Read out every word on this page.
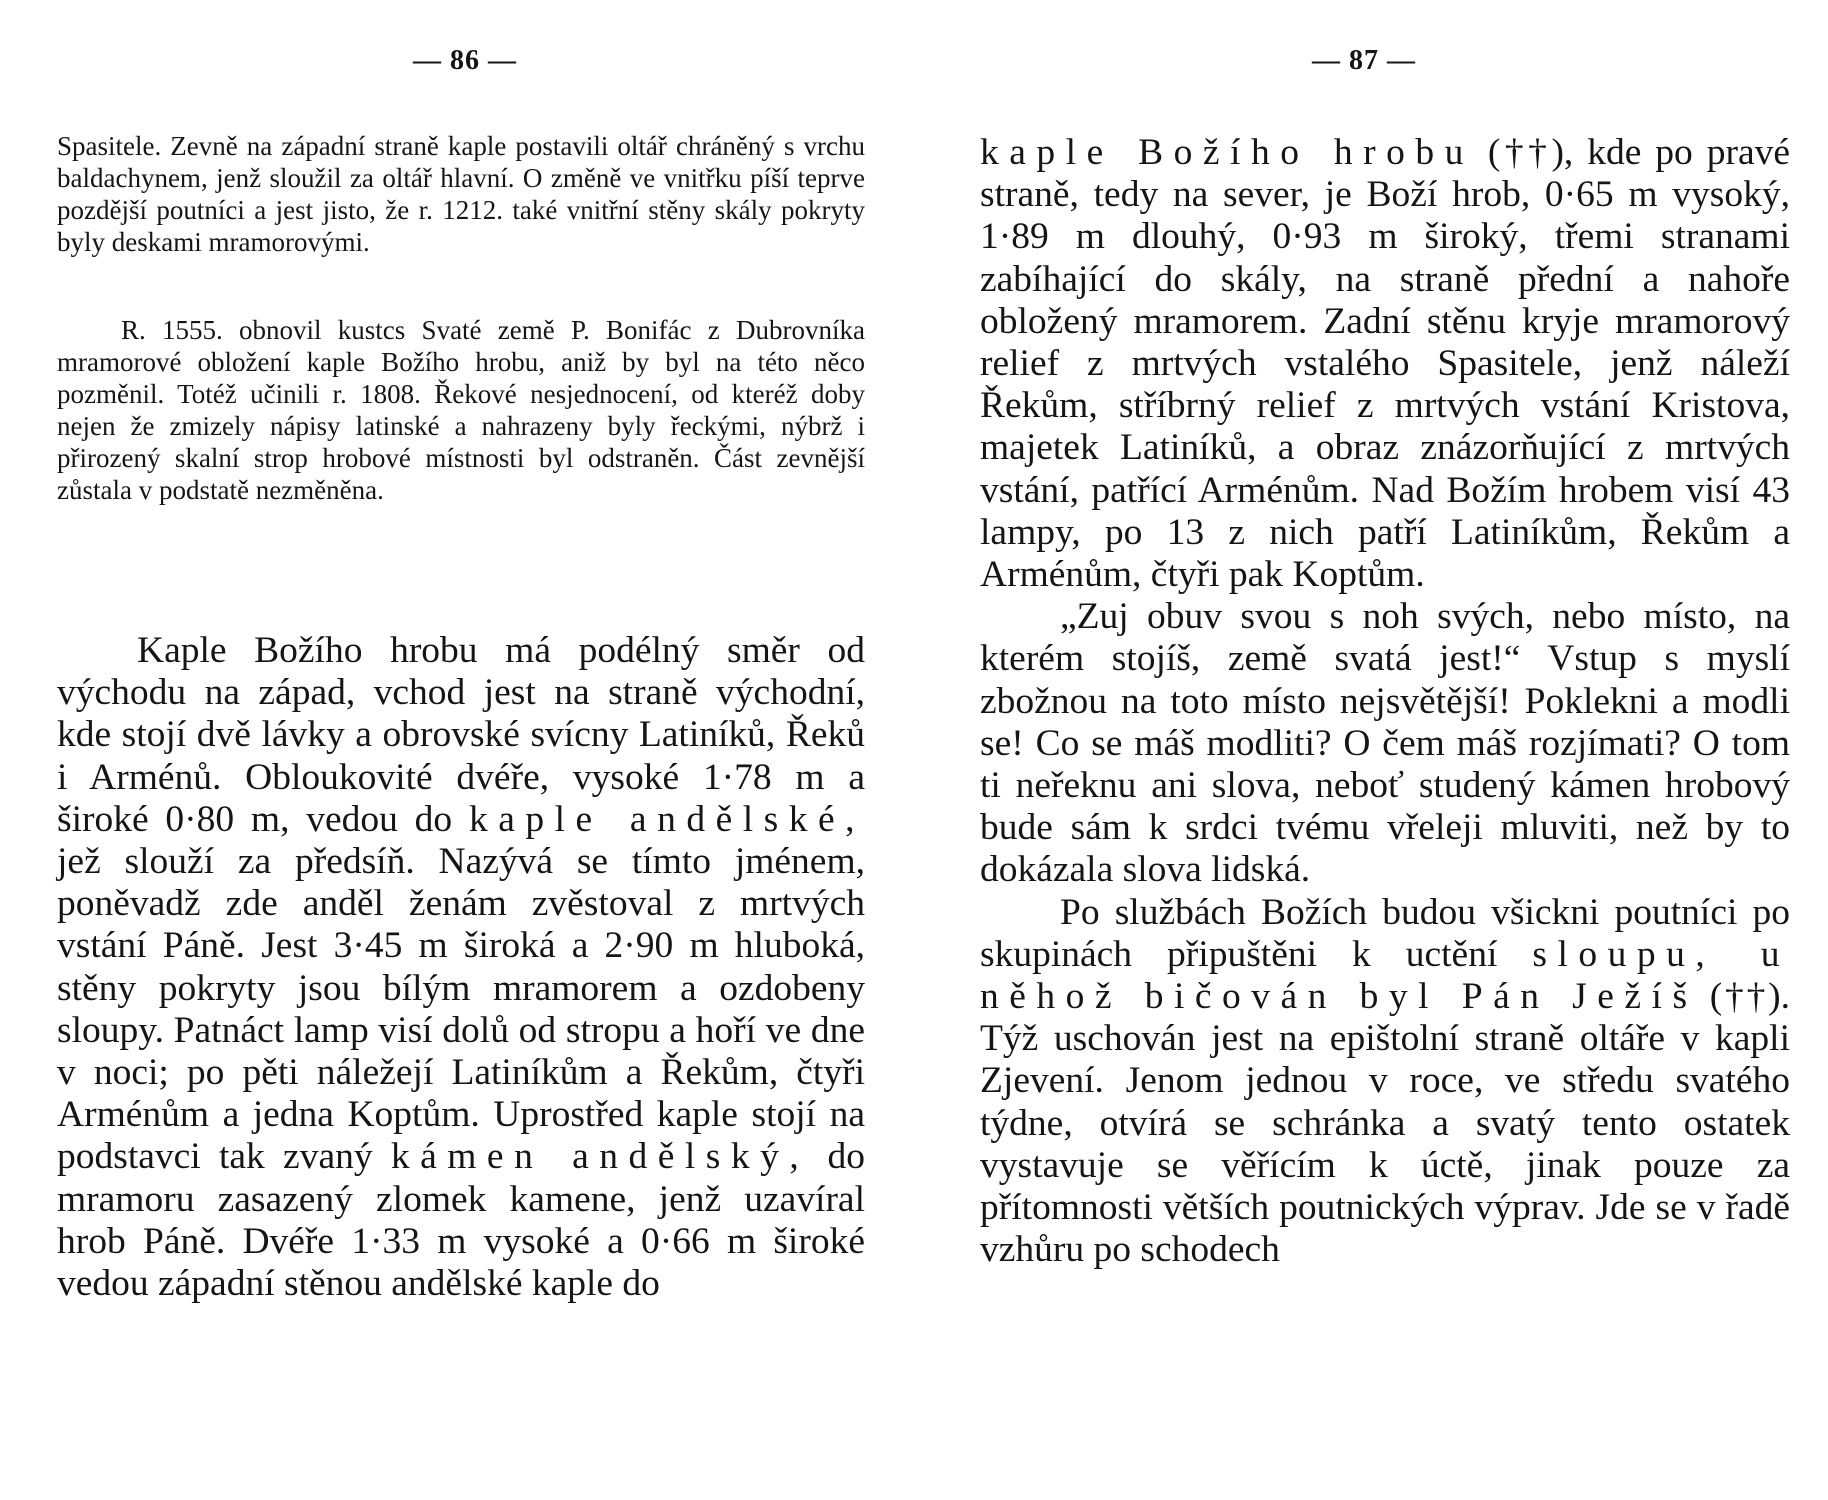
— 86 —

Spasitele. Zevně na západní straně kaple postavili oltář chráněný s vrchu baldachynem, jenž sloužil za oltář hlavní. O změně ve vnitřku píší teprve pozdější poutníci a jest jisto, že r. 1212. také vnitřní stěny skály pokryty byly deskami mramorovými.

R. 1555. obnovil kustcs Svaté země P. Bonifác z Dubrovníka mramorové obložení kaple Božího hrobu, aniž by byl na této něco pozměnil. Totéž učinili r. 1808. Řekové nesjednocení, od kteréž doby nejen že zmizely nápisy latinské a nahrazeny byly řeckými, nýbrž i přirozený skalní strop hrobové místnosti byl odstraněn. Část zevnější zůstala v podstatě nezměněna.

Kaple Božího hrobu má podélný směr od východu na západ, vchod jest na straně východní, kde stojí dvě lávky a obrovské svícny Latiníků, Řeků i Arménů. Obloukovité dvéře, vysoké 1·78 m a široké 0·80 m, vedou do kaple andělské, jež slouží za předsíň. Nazývá se tímto jménem, poněvadž zde anděl ženám zvěstoval z mrtvých vstání Páně. Jest 3·45 m široká a 2·90 m hluboká, stěny pokryty jsou bílým mramorem a ozdobeny sloupy. Patnáct lamp visí dolů od stropu a hoří ve dne v noci; po pěti náležejí Latiníkům a Řekům, čtyři Arménům a jedna Koptům. Uprostřed kaple stojí na podstavci tak zvaný kámen andělský, do mramoru zasazený zlomek kamene, jenž uzavíral hrob Páně. Dvéře 1·33 m vysoké a 0·66 m široké vedou západní stěnou andělské kaple do

— 87 —

kaple Božího hrobu (††), kde po pravé straně, tedy na sever, je Boží hrob, 0·65 m vysoký, 1·89 m dlouhý, 0·93 m široký, třemi stranami zabíhající do skály, na straně přední a nahoře obložený mramorem. Zadní stěnu kryje mramorový relief z mrtvých vstalého Spasitele, jenž náleží Řekům, stříbrný relief z mrtvých vstání Kristova, majetek Latiníků, a obraz znázorňující z mrtvých vstání, patřící Arménům. Nad Božím hrobem visí 43 lampy, po 13 z nich patří Latiníkům, Řekům a Arménům, čtyři pak Koptům.

„Zuj obuv svou s noh svých, nebo místo, na kterém stojíš, země svatá jest!“ Vstup s myslí zbožnou na toto místo nejsvětější! Poklekni a modli se! Co se máš modliti? O čem máš rozjímati? O tom ti neřeknu ani slova, neboť studený kámen hrobový bude sám k srdci tvému vřeleji mluviti, než by to dokázala slova lidská.

Po službách Božích budou všickni poutníci po skupinách připuštěni k uctění sloupu, u něhož bičován byl Pán Ježíš (††). Týž uschován jest na epištolní straně oltáře v kapli Zjevení. Jenom jednou v roce, ve středu svatého týdne, otvírá se schránka a svatý tento ostatek vystavuje se věřícím k úctě, jinak pouze za přítomnosti větších poutnických výprav. Jde se v řadě vzhůru po schodech
